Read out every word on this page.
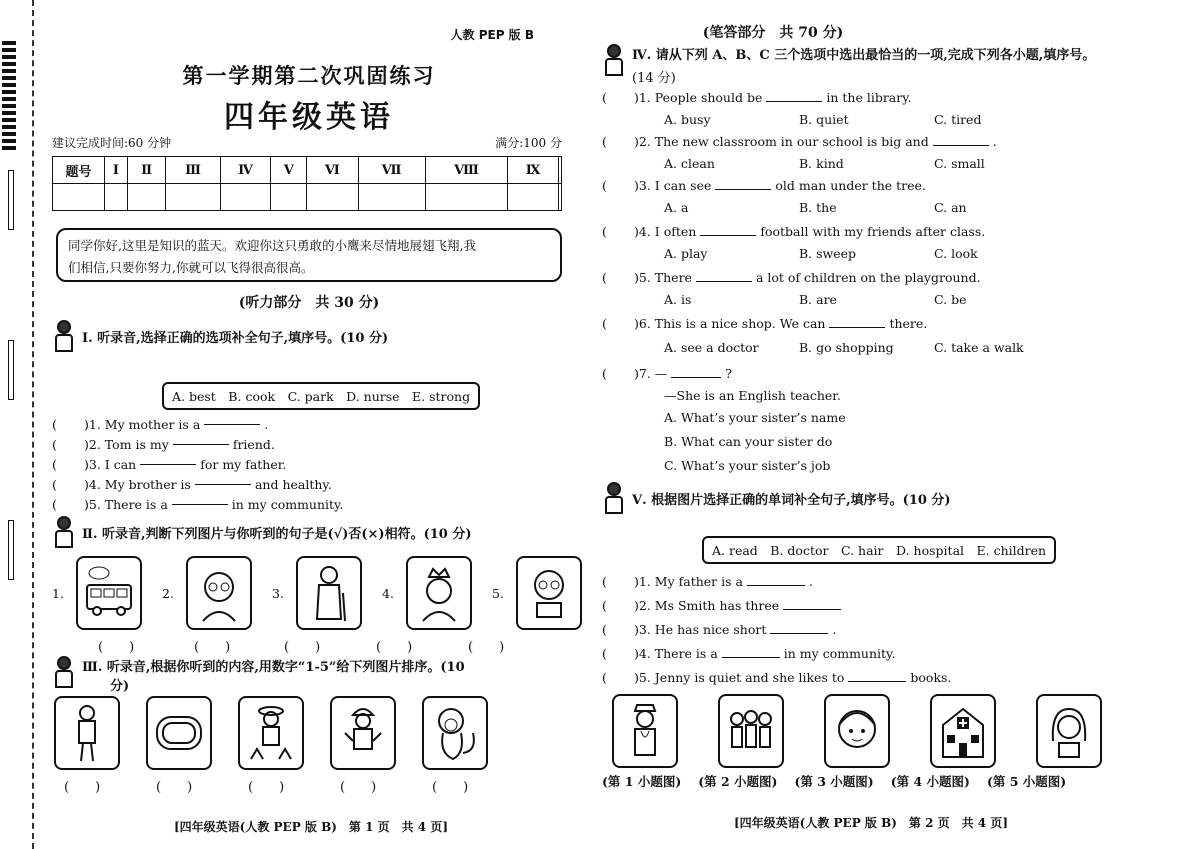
人教 PEP 版 B
第一学期第二次巩固练习
四年级英语
建议完成时间:60 分钟	满分:100 分
题号	I	Ⅱ	Ⅲ	Ⅳ	Ⅴ	Ⅵ	Ⅶ	Ⅷ	Ⅸ	

同学你好,这里是知识的蓝天。欢迎你这只勇敢的小鹰来尽情地展翅飞翔,我
们相信,只要你努力,你就可以飞得很高很高。
(听力部分　共 30 分)
Ⅰ. 听录音,选择正确的选项补全句子,填序号。(10 分)
A. best　B. cook　C. park　D. nurse　E. strong
(	)1.
My mother is a	.
(	)2.
Tom is my	friend.
(	)3.
I can	for my father.
(	)4.
My brother is	and healthy.
(	)5.
There is a	in my community.
Ⅱ. 听录音,判断下列图片与你听到的句子是(√)否(×)相符。(10 分)
1.	2.	3.	4.	5.
(　　)	(　　)	(　　)	(　　)	(　　)
Ⅲ. 听录音,根据你听到的内容,用数字“1-5”给下列图片排序。(10
分)
(　　)	(　　)	(　　)	(　　)	(　　)
[四年级英语(人教 PEP 版 B)　第 1 页　共 4 页]
(笔答部分　共 70 分)
Ⅳ. 请从下列 A、B、C 三个选项中选出最恰当的一项,完成下列各小题,填序号。
(14 分)
( )1. People should be	in the library.
A. busy	B. quiet	C. tired
( )2. The new classroom in our school is big and	.
A. clean	B. kind	C. small
( )3. I can see	old man under the tree.
A. a	B. the	C. an
( )4. I often	football with my friends after class.
A. play	B. sweep	C. look
( )5. There	a lot of children on the playground.
A. is	B. are	C. be
( )6. This is a nice shop. We can	there.
A. see a doctor	B. go shopping	C. take a walk
( )7. —	?
—She is an English teacher.
A. What’s your sister’s name
B. What can your sister do
C. What’s your sister’s job
Ⅴ. 根据图片选择正确的单词补全句子,填序号。(10 分)
A. read　B. doctor　C. hair　D. hospital　E. children
( )1. My father is a	.
( )2. Ms Smith has three
( )3. He has nice short	.
( )4. There is a	in my community.
( )5. Jenny is quiet and she likes to	books.
(第 1 小题图) (第 2 小题图) (第 3 小题图) (第 4 小题图) (第 5 小题图)
[四年级英语(人教 PEP 版 B)　第 2 页　共 4 页]
